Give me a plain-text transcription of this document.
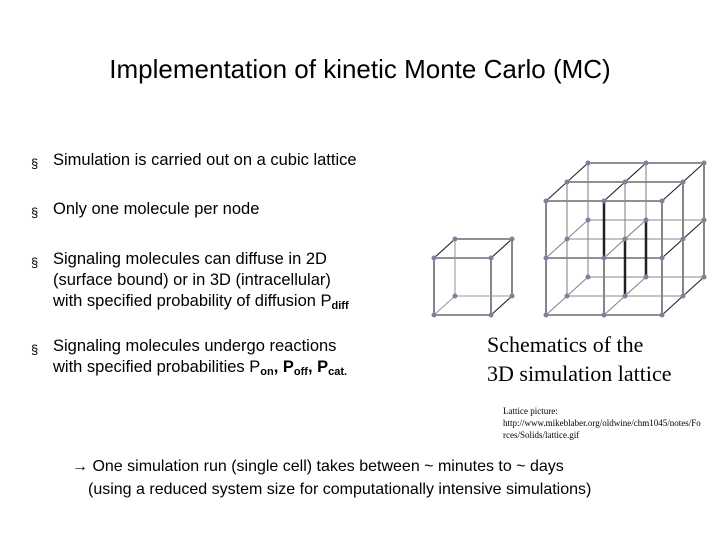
Implementation of kinetic Monte Carlo (MC)
§ Simulation is carried out on a cubic lattice
§ Only one molecule per node
§ Signaling molecules can diffuse in 2D
(surface bound) or in 3D (intracellular)
with specified probability of diffusion $P_{diff}$
§ Signaling molecules undergo reactions
with specified probabilities $P_{on}$, $P_{off}$, $P_{cat.}$
Schematics of the
3D simulation lattice
Lattice picture:
http://www.mikeblaber.org/oldwine/chm1045/notes/Forces/Solids/lattice.gif
→ One simulation run (single cell) takes between ~ minutes to ~ days
(using a reduced system size for computationally intensive simulations)
